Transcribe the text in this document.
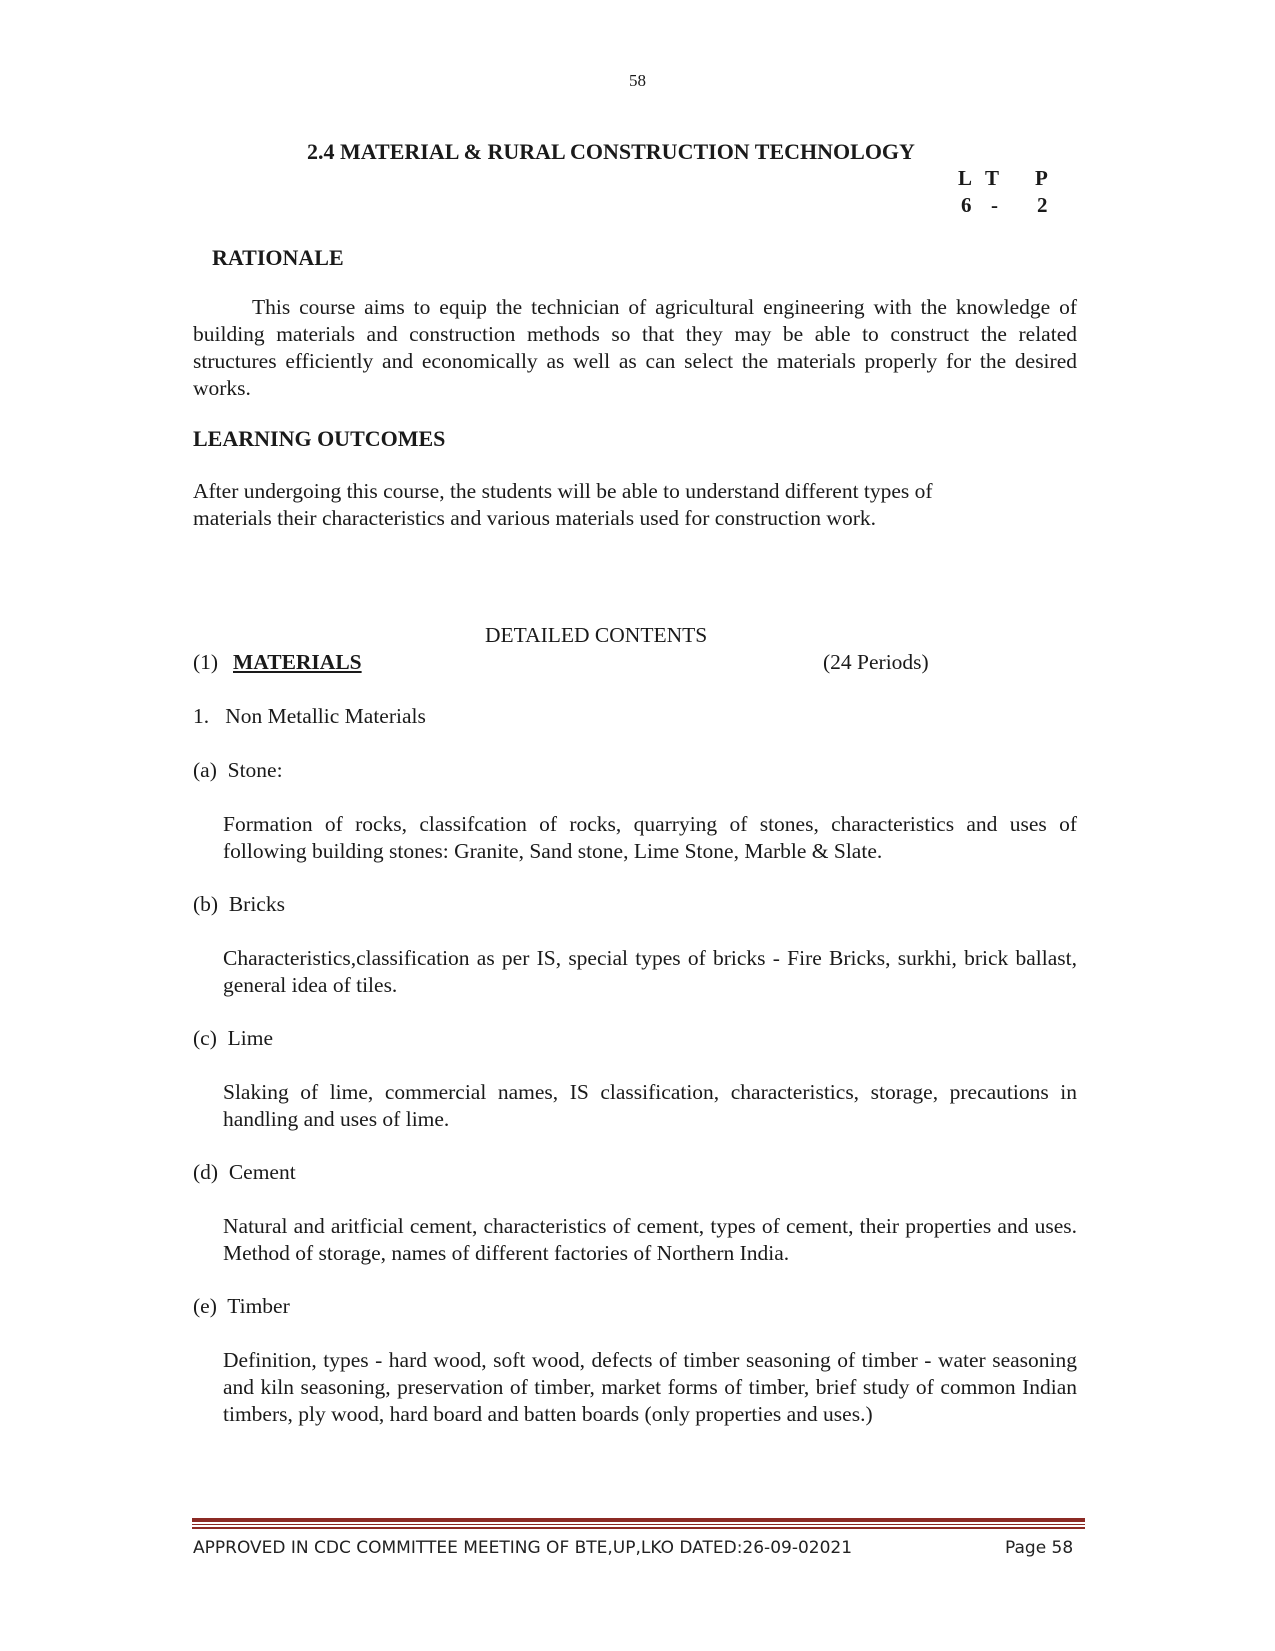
58
2.4 MATERIAL & RURAL CONSTRUCTION TECHNOLOGY
L T P
6 - 2
RATIONALE
This course aims to equip the technician of agricultural engineering with the knowledge of building materials and construction methods so that they may be able to construct the related structures efficiently and economically as well as can select the materials properly for the desired works.
LEARNING OUTCOMES
After undergoing this course, the students will be able to understand different types of
materials their characteristics and various materials used for construction work.
DETAILED CONTENTS
(1) MATERIALS	(24 Periods)
1.   Non Metallic Materials
(a)  Stone:
Formation of rocks, classifcation of rocks, quarrying of stones, characteristics and uses of following building stones: Granite, Sand stone, Lime Stone, Marble & Slate.
(b)  Bricks
Characteristics,classification as per IS, special types of bricks - Fire Bricks, surkhi, brick ballast, general idea of tiles.
(c)  Lime
Slaking of lime, commercial names, IS classification, characteristics, storage, precautions in handling and uses of lime.
(d)  Cement
Natural and aritficial cement, characteristics of cement, types of cement, their properties and uses. Method of storage, names of different factories of Northern India.
(e)  Timber
Definition, types - hard wood, soft wood, defects of timber seasoning of timber - water seasoning and kiln seasoning, preservation of timber, market forms of timber, brief study of common Indian timbers, ply wood, hard board and batten boards (only properties and uses.)
APPROVED IN CDC COMMITTEE MEETING OF BTE,UP,LKO DATED:26-09-02021	Page 58
